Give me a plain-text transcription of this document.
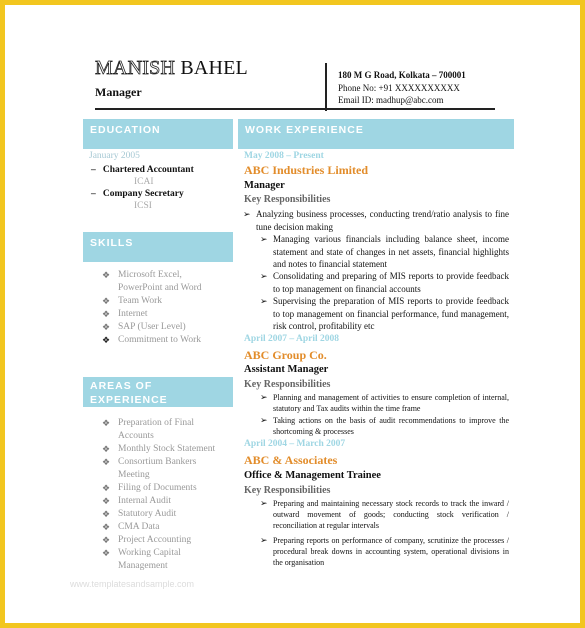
MANISH BAHEL
Manager
180 M G Road, Kolkata – 700001
Phone No: +91 XXXXXXXXXX
Email ID: madhup@abc.com
EDUCATION
January 2005
–   Chartered Accountant
ICAI
–   Company Secretary
ICSI
SKILLS
❖ Microsoft Excel, PowerPoint and Word
❖ Team Work
❖ Internet
❖ SAP (User Level)
❖ Commitment to Work
AREAS OF EXPERIENCE
❖ Preparation of Final Accounts
❖ Monthly Stock Statement
❖ Consortium Bankers Meeting
❖ Filing of Documents
❖ Internal Audit
❖ Statutory Audit
❖ CMA Data
❖ Project Accounting
❖ Working Capital Management
WORK EXPERIENCE
May 2008 – Present
ABC Industries Limited
Manager
Key Responsibilities
➢ Analyzing business processes, conducting trend/ratio analysis to fine tune decision making
➢ Managing various financials including balance sheet, income statement and state of changes in net assets, financial highlights and notes to financial statement
➢ Consolidating and preparing of MIS reports to provide feedback to top management on financial accounts
➢ Supervising the preparation of MIS reports to provide feedback to top management on financial performance, fund management, risk control, profitability etc
April 2007 – April 2008
ABC Group Co.
Assistant Manager
Key Responsibilities
➢ Planning and management of activities to ensure completion of internal, statutory and Tax audits within the time frame
➢ Taking actions on the basis of audit recommendations to improve the shortcoming & processes
April 2004 – March 2007
ABC & Associates
Office & Management Trainee
Key Responsibilities
➢ Preparing and maintaining necessary stock records to track the inward / outward movement of goods; conducting stock verification / reconciliation at regular intervals
➢ Preparing reports on performance of company, scrutinize the processes / procedural break downs in accounting system, operational divisions in the organisation
www.templatesandsample.com
